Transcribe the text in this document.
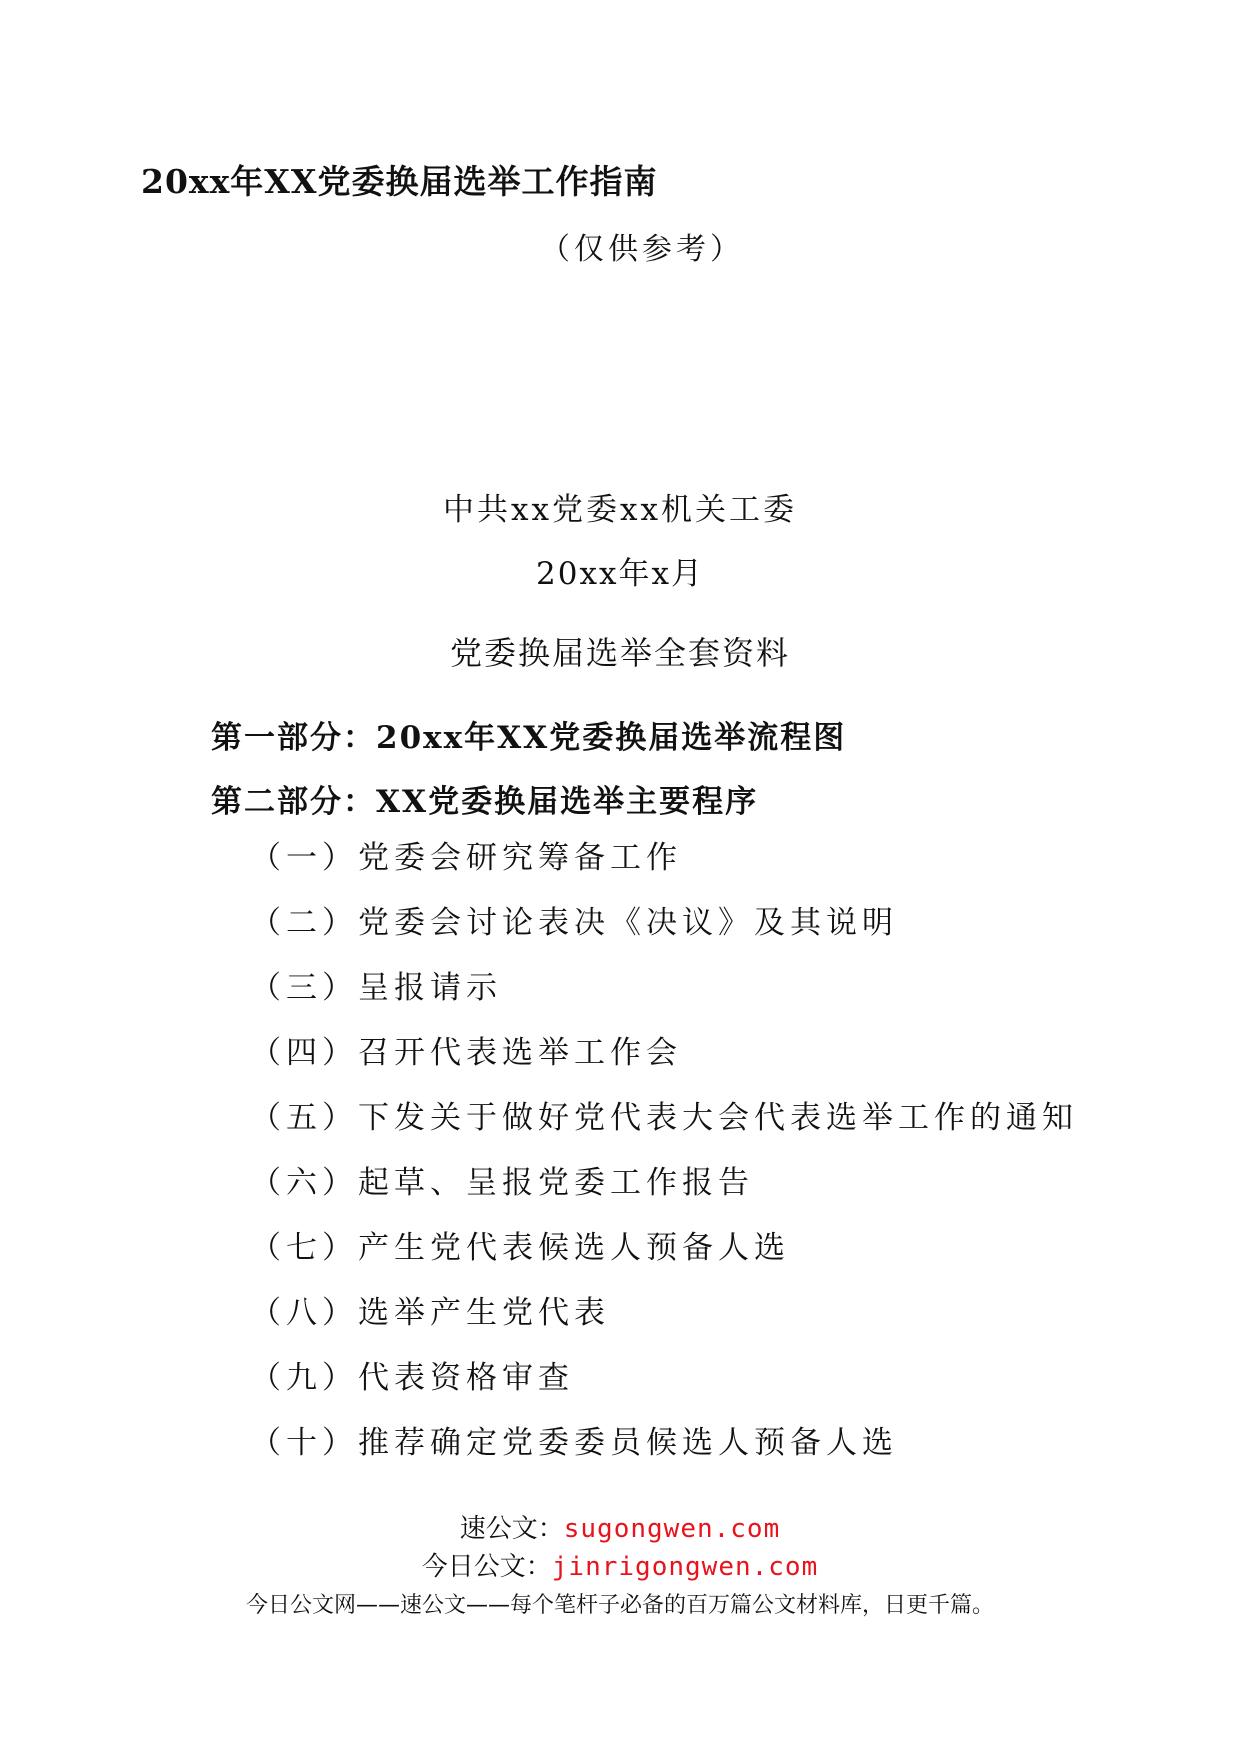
20xx年XX党委换届选举工作指南
（仅供参考）
中共xx党委xx机关工委
20xx年x月
党委换届选举全套资料
第一部分：20xx年XX党委换届选举流程图
第二部分：XX党委换届选举主要程序
（一）党委会研究筹备工作
（二）党委会讨论表决《决议》及其说明
（三）呈报请示
（四）召开代表选举工作会
（五）下发关于做好党代表大会代表选举工作的通知
（六）起草、呈报党委工作报告
（七）产生党代表候选人预备人选
（八）选举产生党代表
（九）代表资格审查
（十）推荐确定党委委员候选人预备人选
速公文：sugongwen.com
今日公文：jinrigongwen.com
今日公文网——速公文——每个笔杆子必备的百万篇公文材料库，日更千篇。
